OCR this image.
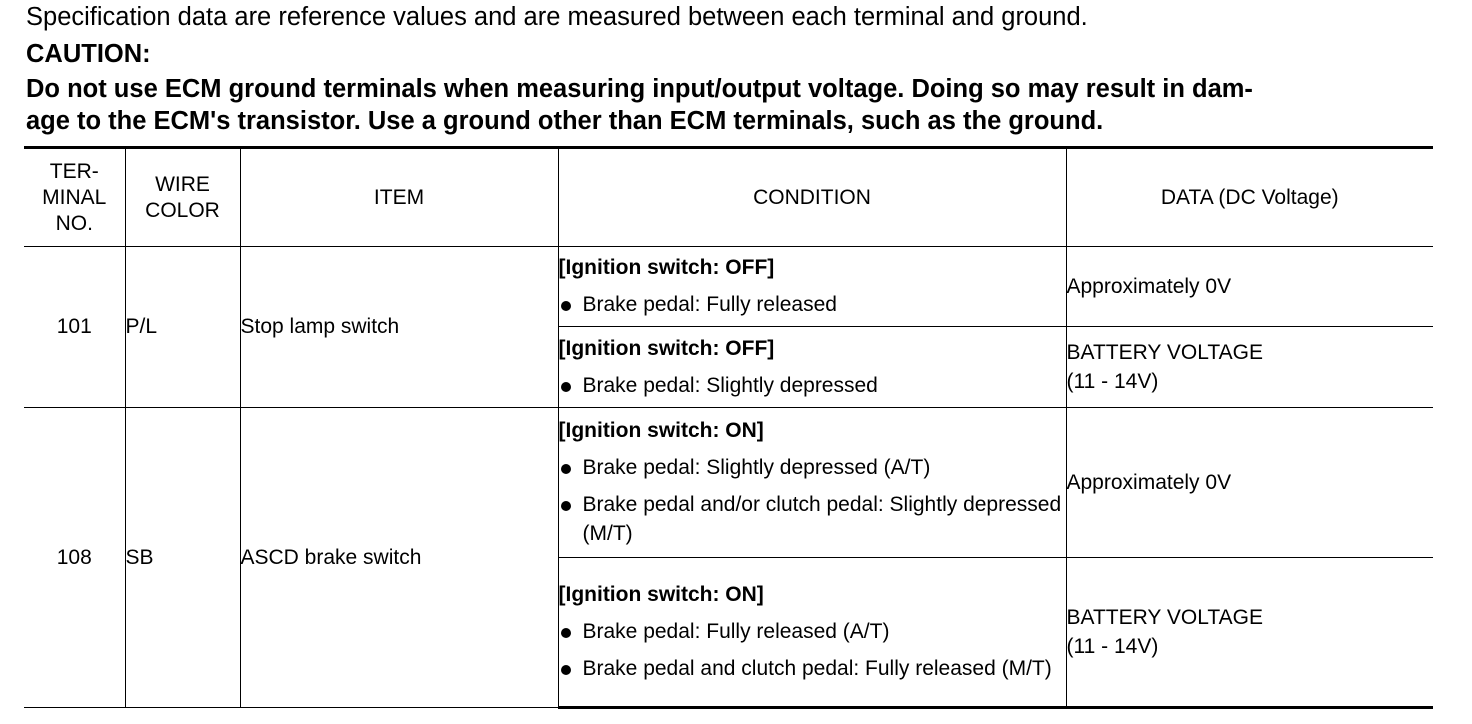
Specification data are reference values and are measured between each terminal and ground.
CAUTION:
Do not use ECM ground terminals when measuring input/output voltage. Doing so may result in dam-
age to the ECM's transistor. Use a ground other than ECM terminals, such as the ground.
TER-
MINAL
NO.	WIRE
COLOR	ITEM	CONDITION	DATA (DC Voltage)
101	P/L	Stop lamp switch	[Ignition switch: OFF]
Brake pedal: Fully released	Approximately 0V

			[Ignition switch: OFF]
Brake pedal: Slightly depressed	BATTERY VOLTAGE
(11 - 14V)

108	SB	ASCD brake switch	[Ignition switch: ON]
Brake pedal: Slightly depressed (A/T)
Brake pedal and/or clutch pedal: Slightly depressed (M/T)	Approximately 0V

			[Ignition switch: ON]
Brake pedal: Fully released (A/T)
Brake pedal and clutch pedal: Fully released (M/T)	BATTERY VOLTAGE
(11 - 14V)
